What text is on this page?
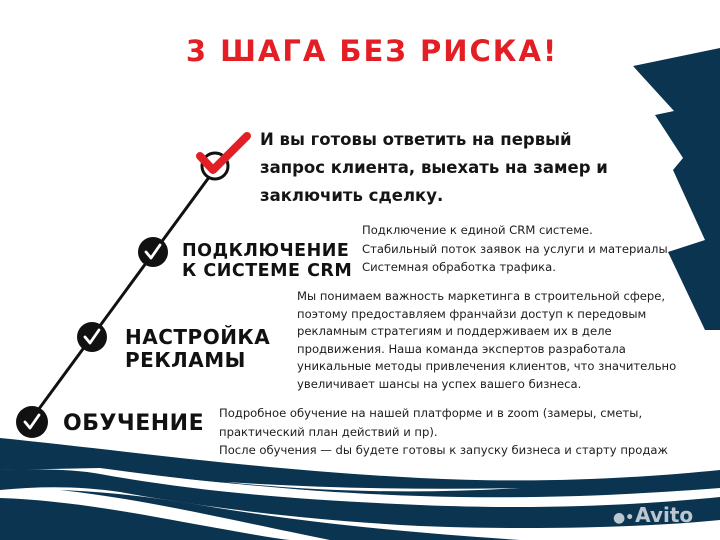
3 ШАГА БЕЗ РИСКА!
И вы готовы ответить на первый
запрос клиента, выехать на замер и
заключить сделку.
ПОДКЛЮЧЕНИЕ
К СИСТЕМЕ CRM
Подключение к единой CRM системе.
Стабильный поток заявок на услуги и материалы.
Системная обработка трафика.
НАСТРОЙКА
РЕКЛАМЫ
Мы понимаем важность маркетинга в строительной сфере,
поэтому предоставляем франчайзи доступ к передовым
рекламным стратегиям и поддерживаем их в деле
продвижения. Наша команда экспертов разработала
уникальные методы привлечения клиентов, что значительно
увеличивает шансы на успех вашего бизнеса.
ОБУЧЕНИЕ Подробное обучение на нашей платформе и в zoom (замеры, сметы,
практический план действий и пр).
После обучения — dы будете готовы к запуску бизнеса и старту продаж
●•Avito
